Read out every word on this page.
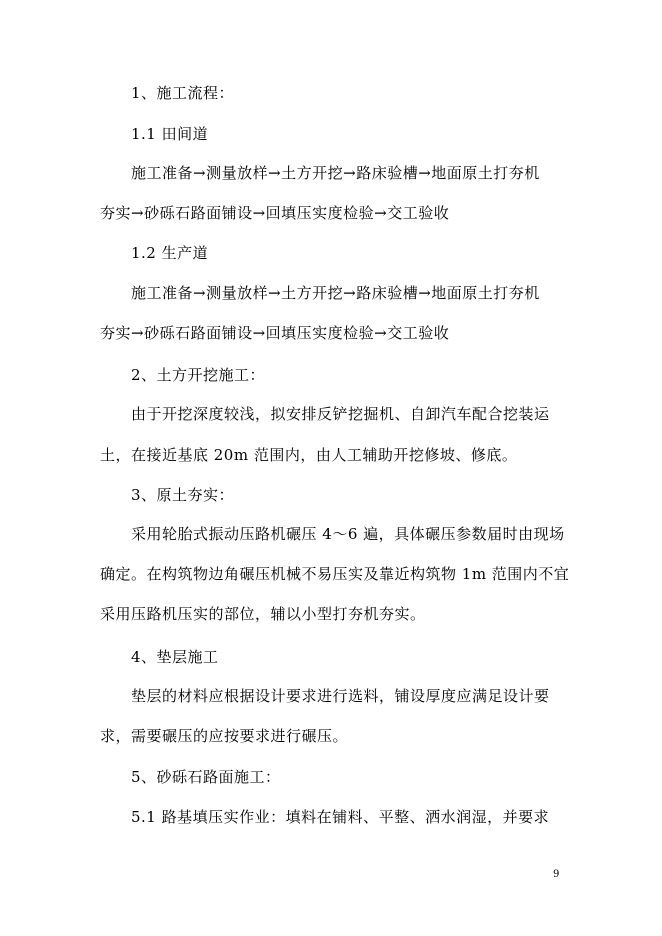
1、施工流程：
1.1 田间道
施工准备→测量放样→土方开挖→路床验槽→地面原土打夯机
夯实→砂砾石路面铺设→回填压实度检验→交工验收
1.2 生产道
施工准备→测量放样→土方开挖→路床验槽→地面原土打夯机
夯实→砂砾石路面铺设→回填压实度检验→交工验收
2、土方开挖施工：
由于开挖深度较浅，拟安排反铲挖掘机、自卸汽车配合挖装运
土，在接近基底 20m 范围内，由人工辅助开挖修坡、修底。
3、原土夯实：
采用轮胎式振动压路机碾压 4～6 遍，具体碾压参数届时由现场
确定。在构筑物边角碾压机械不易压实及靠近构筑物 1m 范围内不宜
采用压路机压实的部位，辅以小型打夯机夯实。
4、垫层施工
垫层的材料应根据设计要求进行选料，铺设厚度应满足设计要
求，需要碾压的应按要求进行碾压。
5、砂砾石路面施工：
5.1 路基填压实作业：填料在铺料、平整、洒水润湿，并要求
9
